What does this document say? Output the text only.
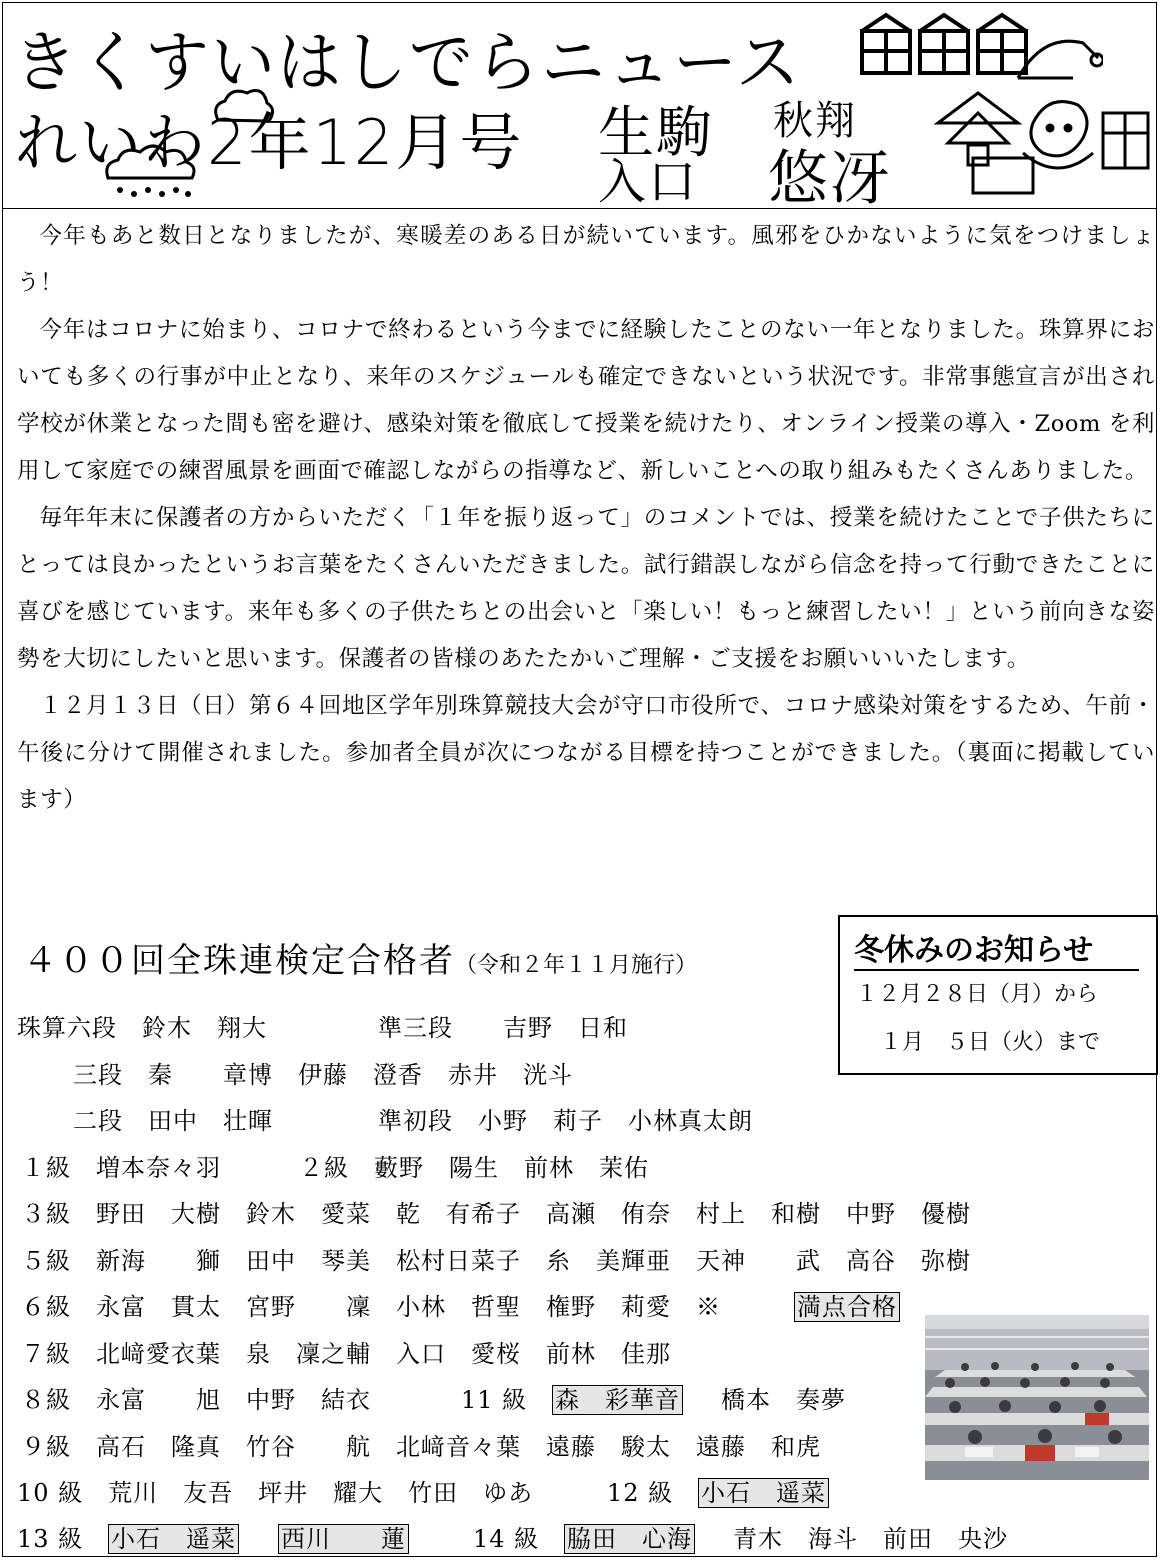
きくすいはしでらニュース
れいわ2年12月号 生駒
入口
秋翔
悠冴

今年もあと数日となりましたが、寒暖差のある日が続いています。風邪をひかないように気をつけましょう！

今年はコロナに始まり、コロナで終わるという今までに経験したことのない一年となりました。珠算界においても多くの行事が中止となり、来年のスケジュールも確定できないという状況です。非常事態宣言が出され学校が休業となった間も密を避け、感染対策を徹底して授業を続けたり、オンライン授業の導入・Zoom を利用して家庭での練習風景を画面で確認しながらの指導など、新しいことへの取り組みもたくさんありました。

毎年年末に保護者の方からいただく「１年を振り返って」のコメントでは、授業を続けたことで子供たちにとっては良かったというお言葉をたくさんいただきました。試行錯誤しながら信念を持って行動できたことに喜びを感じています。来年も多くの子供たちとの出会いと「楽しい！もっと練習したい！」という前向きな姿勢を大切にしたいと思います。保護者の皆様のあたたかいご理解・ご支援をお願いいいたします。

１２月１３日（日）第６４回地区学年別珠算競技大会が守口市役所で、コロナ感染対策をするため、午前・午後に分けて開催されました。参加者全員が次につながる目標を持つことができました。（裏面に掲載しています）

４００回全珠連検定合格者（令和２年１１月施行）	冬休みのお知らせ
１２月２８日（月）から
１月　５日（火）まで
珠算六段　鈴木　翔大	準三段　　吉野　日和
三段　秦　　章博　伊藤　澄香　赤井　洸斗
二段　田中　壮暉	準初段　小野　莉子　小林真太朗
１級　増本奈々羽	２級　藪野　陽生　前林　茉佑
３級　野田　大樹　鈴木　愛菜　乾　有希子　高瀬　侑奈　村上　和樹　中野　優樹
５級　新海　　獅　田中　琴美　松村日菜子　糸　美輝亜　天神　　武　高谷　弥樹
６級　永富　貫太　宮野　　凜　小林　哲聖　権野　莉愛　※	満点合格
７級　北﨑愛衣葉　泉　凜之輔　入口　愛桜　前林　佳那
８級　永富　　旭　中野　結衣	11 級 森　彩華音 橋本　奏夢
９級　高石　隆真　竹谷　　航　北﨑音々葉　遠藤　駿太　遠藤　和虎
10 級　荒川　友吾　坪井　耀大　竹田　ゆあ	12 級 小石　遥菜
13 級 小石　遥菜 西川　　蓮	14 級 脇田　心海 青木　海斗　前田　央沙
